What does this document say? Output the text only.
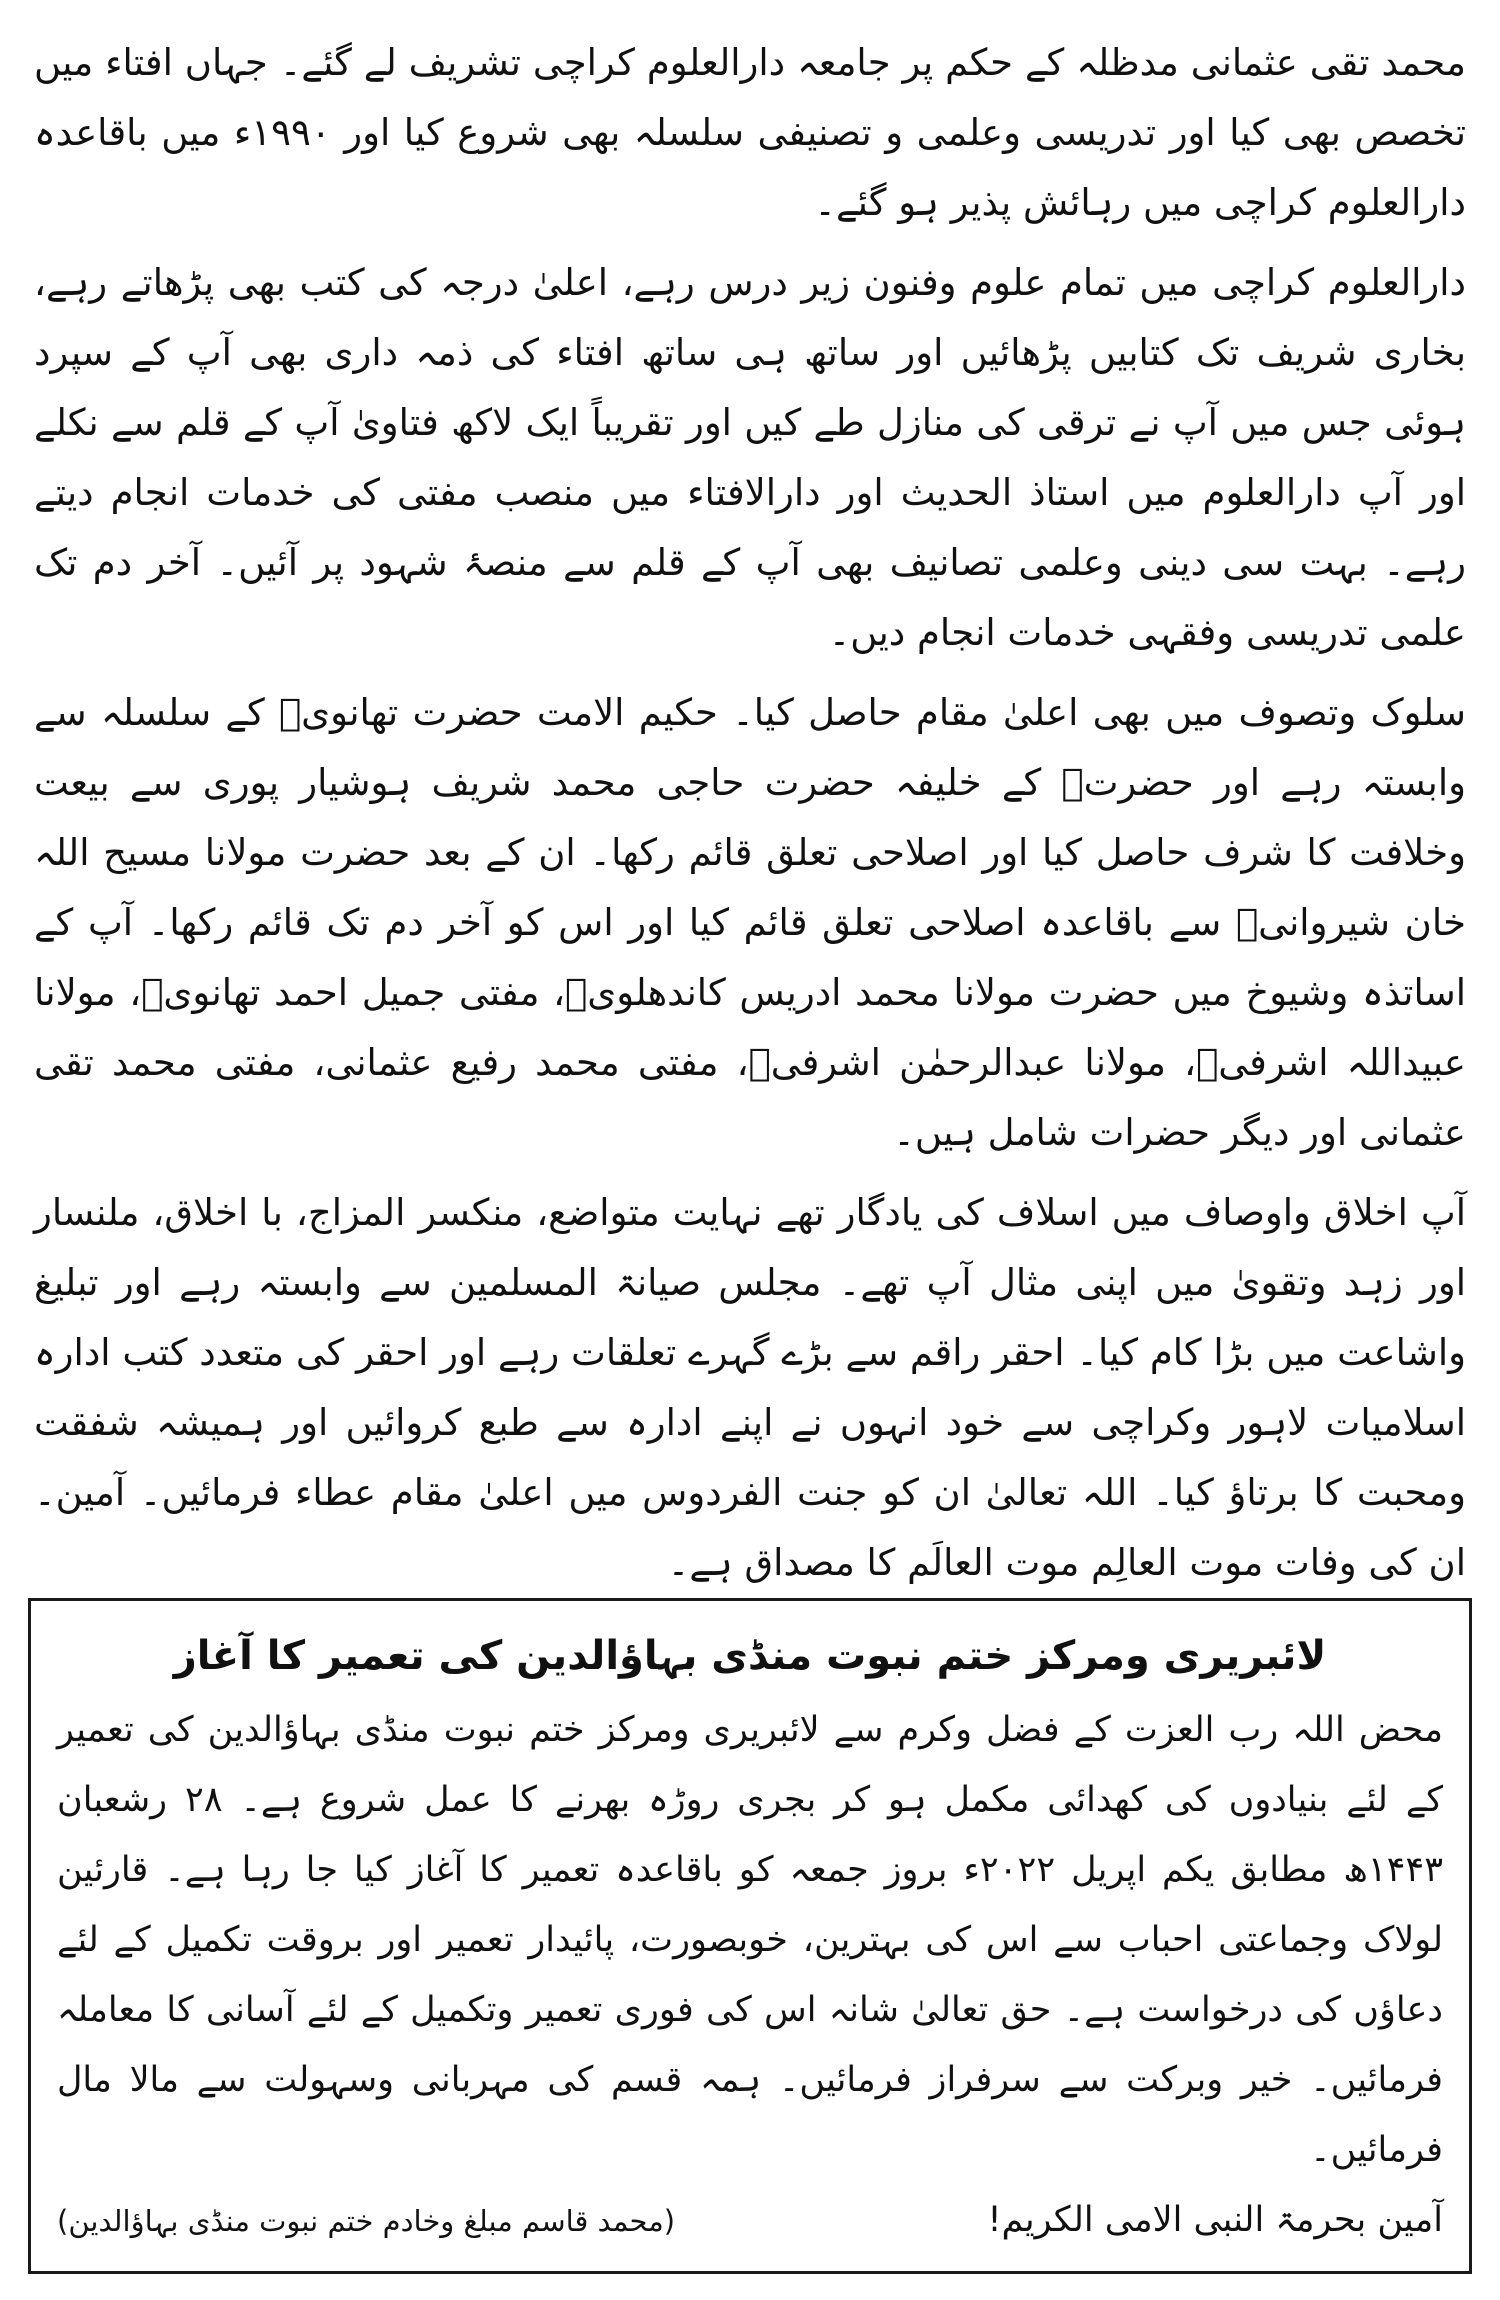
محمد تقی عثمانی مدظلہ کے حکم پر جامعہ دارالعلوم کراچی تشریف لے گئے۔ جہاں افتاء میں تخصص بھی کیا اور تدریسی وعلمی و تصنیفی سلسلہ بھی شروع کیا اور ۱۹۹۰ء میں باقاعدہ دارالعلوم کراچی میں رہائش پذیر ہو گئے۔

دارالعلوم کراچی میں تمام علوم وفنون زیر درس رہے، اعلیٰ درجہ کی کتب بھی پڑھاتے رہے، بخاری شریف تک کتابیں پڑھائیں اور ساتھ ہی ساتھ افتاء کی ذمہ داری بھی آپ کے سپرد ہوئی جس میں آپ نے ترقی کی منازل طے کیں اور تقریباً ایک لاکھ فتاویٰ آپ کے قلم سے نکلے اور آپ دارالعلوم میں استاذ الحدیث اور دارالافتاء میں منصب مفتی کی خدمات انجام دیتے رہے۔ بہت سی دینی وعلمی تصانیف بھی آپ کے قلم سے منصۂ شہود پر آئیں۔ آخر دم تک علمی تدریسی وفقہی خدمات انجام دیں۔

سلوک وتصوف میں بھی اعلیٰ مقام حاصل کیا۔ حکیم الامت حضرت تھانویؒ کے سلسلہ سے وابستہ رہے اور حضرتؒ کے خلیفہ حضرت حاجی محمد شریف ہوشیار پوری سے بیعت وخلافت کا شرف حاصل کیا اور اصلاحی تعلق قائم رکھا۔ ان کے بعد حضرت مولانا مسیح اللہ خان شیروانیؒ سے باقاعدہ اصلاحی تعلق قائم کیا اور اس کو آخر دم تک قائم رکھا۔ آپ کے اساتذہ وشیوخ میں حضرت مولانا محمد ادریس کاندھلویؒ، مفتی جمیل احمد تھانویؒ، مولانا عبیداللہ اشرفیؒ، مولانا عبدالرحمٰن اشرفیؒ، مفتی محمد رفیع عثمانی، مفتی محمد تقی عثمانی اور دیگر حضرات شامل ہیں۔

آپ اخلاق واوصاف میں اسلاف کی یادگار تھے نہایت متواضع، منکسر المزاج، با اخلاق، ملنسار اور زہد وتقویٰ میں اپنی مثال آپ تھے۔ مجلس صیانۃ المسلمین سے وابستہ رہے اور تبلیغ واشاعت میں بڑا کام کیا۔ احقر راقم سے بڑے گہرے تعلقات رہے اور احقر کی متعدد کتب ادارہ اسلامیات لاہور وکراچی سے خود انہوں نے اپنے ادارہ سے طبع کروائیں اور ہمیشہ شفقت ومحبت کا برتاؤ کیا۔ اللہ تعالیٰ ان کو جنت الفردوس میں اعلیٰ مقام عطاء فرمائیں۔ آمین۔ ان کی وفات موت العالِم موت العالَم کا مصداق ہے۔

لائبریری ومرکز ختم نبوت منڈی بہاؤالدین کی تعمیر کا آغاز

محض اللہ رب العزت کے فضل وکرم سے لائبریری ومرکز ختم نبوت منڈی بہاؤالدین کی تعمیر کے لئے بنیادوں کی کھدائی مکمل ہو کر بجری روڑہ بھرنے کا عمل شروع ہے۔ ۲۸ رشعبان ۱۴۴۳ھ مطابق یکم اپریل ۲۰۲۲ء بروز جمعہ کو باقاعدہ تعمیر کا آغاز کیا جا رہا ہے۔ قارئین لولاک وجماعتی احباب سے اس کی بہترین، خوبصورت، پائیدار تعمیر اور بروقت تکمیل کے لئے دعاؤں کی درخواست ہے۔ حق تعالیٰ شانہ اس کی فوری تعمیر وتکمیل کے لئے آسانی کا معاملہ فرمائیں۔ خیر وبرکت سے سرفراز فرمائیں۔ ہمہ قسم کی مہربانی وسہولت سے مالا مال فرمائیں۔

آمین بحرمۃ النبی الامی الکریم!
(محمد قاسم مبلغ وخادم ختم نبوت منڈی بہاؤالدین)
